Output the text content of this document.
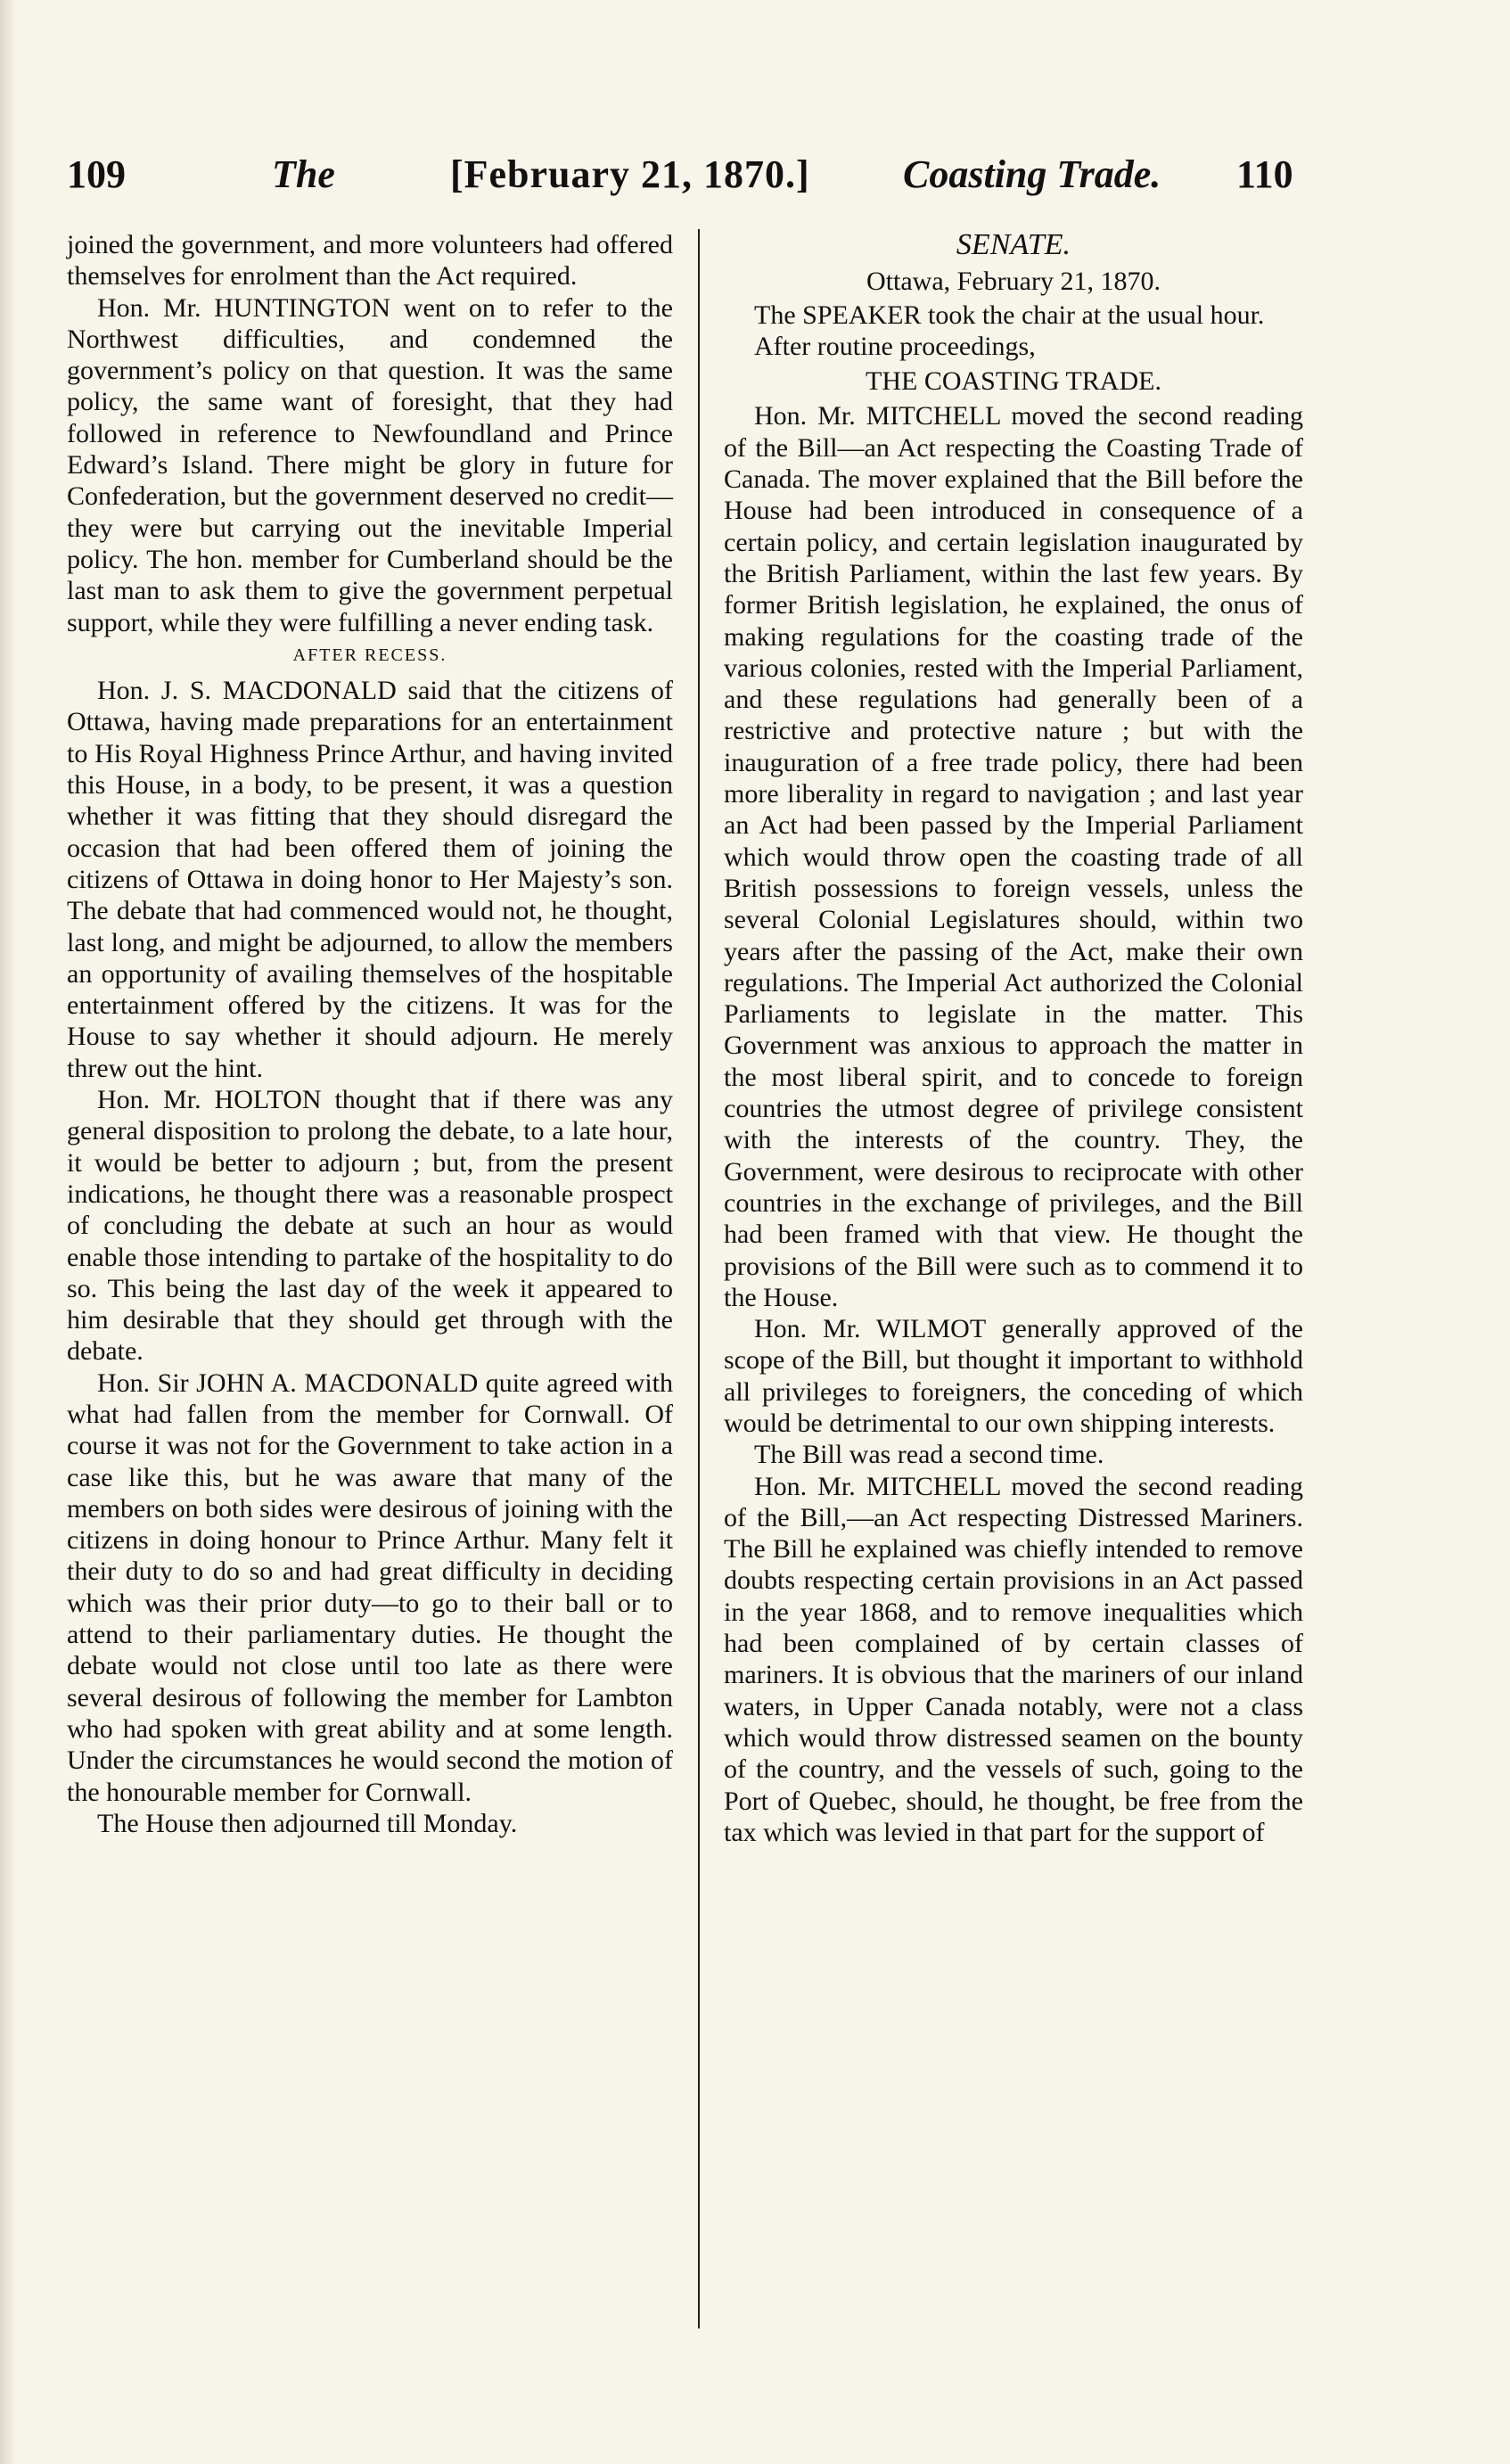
109	The	[February 21, 1870.] Coasting Trade. 110

joined the government, and more volunteers had offered themselves for enrolment than the Act required.

Hon. Mr. HUNTINGTON went on to refer to the Northwest difficulties, and condemned the government’s policy on that question. It was the same policy, the same want of foresight, that they had followed in reference to Newfoundland and Prince Edward’s Island. There might be glory in future for Confederation, but the government deserved no credit—they were but carrying out the inevitable Imperial policy. The hon. member for Cumberland should be the last man to ask them to give the government perpetual support, while they were fulfilling a never ending task.

AFTER RECESS.

Hon. J. S. MACDONALD said that the citizens of Ottawa, having made preparations for an entertainment to His Royal Highness Prince Arthur, and having invited this House, in a body, to be present, it was a question whether it was fitting that they should disregard the occasion that had been offered them of joining the citizens of Ottawa in doing honor to Her Majesty’s son. The debate that had commenced would not, he thought, last long, and might be adjourned, to allow the members an opportunity of availing themselves of the hospitable entertainment offered by the citizens. It was for the House to say whether it should adjourn. He merely threw out the hint.

Hon. Mr. HOLTON thought that if there was any general disposition to prolong the debate, to a late hour, it would be better to adjourn ; but, from the present indications, he thought there was a reasonable prospect of concluding the debate at such an hour as would enable those intending to partake of the hospitality to do so. This being the last day of the week it appeared to him desirable that they should get through with the debate.

Hon. Sir JOHN A. MACDONALD quite agreed with what had fallen from the member for Cornwall. Of course it was not for the Government to take action in a case like this, but he was aware that many of the members on both sides were desirous of joining with the citizens in doing honour to Prince Arthur. Many felt it their duty to do so and had great difficulty in deciding which was their prior duty—to go to their ball or to attend to their parliamentary duties. He thought the debate would not close until too late as there were several desirous of following the member for Lambton who had spoken with great ability and at some length. Under the circumstances he would second the motion of the honourable member for Cornwall.

The House then adjourned till Monday.

SENATE.
Ottawa, February 21, 1870.

The SPEAKER took the chair at the usual hour.

After routine proceedings,

THE COASTING TRADE.

Hon. Mr. MITCHELL moved the second reading of the Bill—an Act respecting the Coasting Trade of Canada. The mover explained that the Bill before the House had been introduced in consequence of a certain policy, and certain legislation inaugurated by the British Parliament, within the last few years. By former British legislation, he explained, the onus of making regulations for the coasting trade of the various colonies, rested with the Imperial Parliament, and these regulations had generally been of a restrictive and protective nature ; but with the inauguration of a free trade policy, there had been more liberality in regard to navigation ; and last year an Act had been passed by the Imperial Parliament which would throw open the coasting trade of all British possessions to foreign vessels, unless the several Colonial Legislatures should, within two years after the passing of the Act, make their own regulations. The Imperial Act authorized the Colonial Parliaments to legislate in the matter. This Government was anxious to approach the matter in the most liberal spirit, and to concede to foreign countries the utmost degree of privilege consistent with the interests of the country. They, the Government, were desirous to reciprocate with other countries in the exchange of privileges, and the Bill had been framed with that view. He thought the provisions of the Bill were such as to commend it to the House.

Hon. Mr. WILMOT generally approved of the scope of the Bill, but thought it important to withhold all privileges to foreigners, the conceding of which would be detrimental to our own shipping interests.

The Bill was read a second time.

Hon. Mr. MITCHELL moved the second reading of the Bill,—an Act respecting Distressed Mariners. The Bill he explained was chiefly intended to remove doubts respecting certain provisions in an Act passed in the year 1868, and to remove inequalities which had been complained of by certain classes of mariners. It is obvious that the mariners of our inland waters, in Upper Canada notably, were not a class which would throw distressed seamen on the bounty of the country, and the vessels of such, going to the Port of Quebec, should, he thought, be free from the tax which was levied in that part for the support of
